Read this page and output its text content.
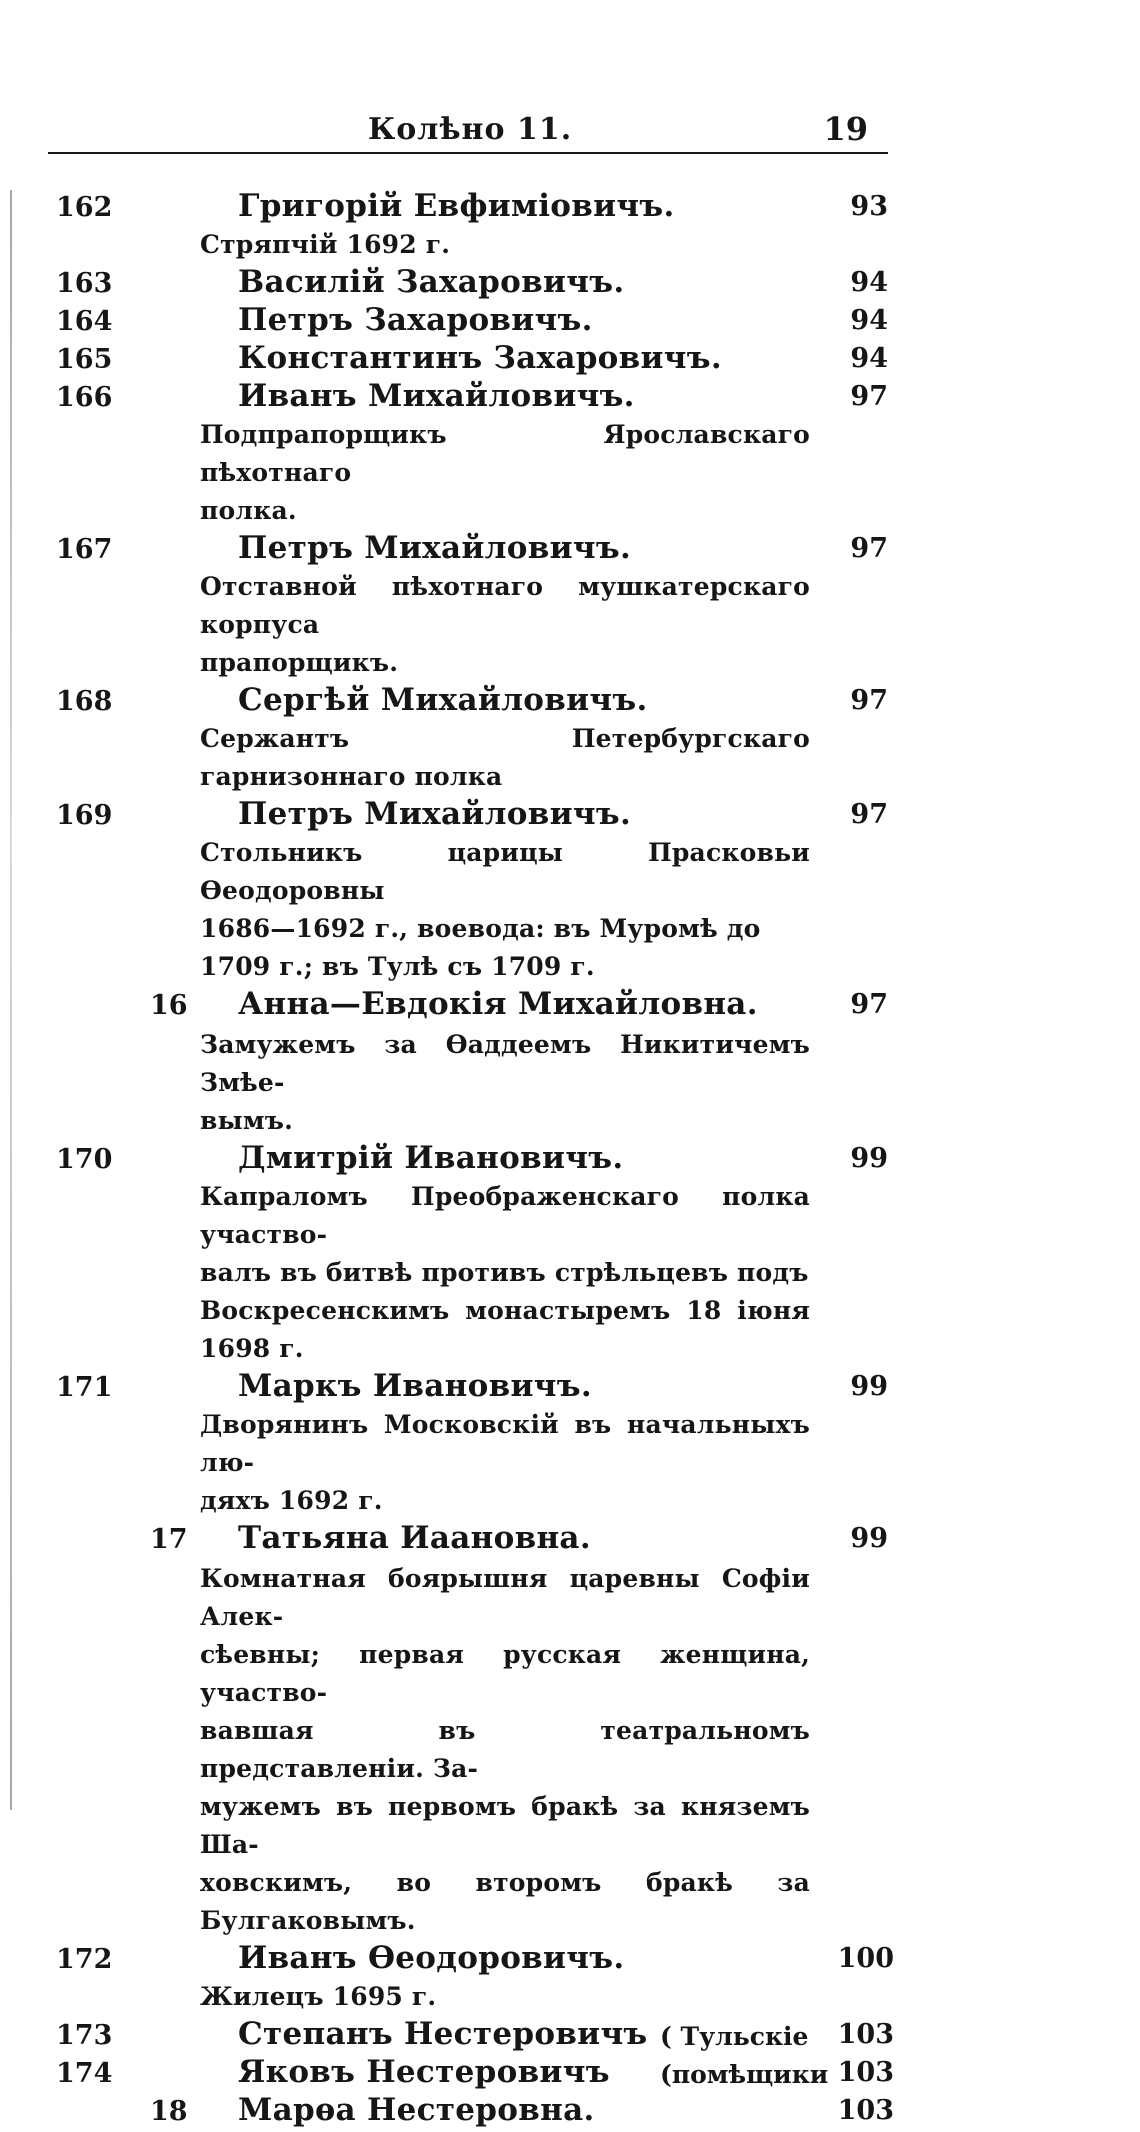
Колѣно 11.	19
162	Григорій Евфиміовичъ.	93

Стряпчій 1692 г.

163	Василій Захаровичъ.	94
164	Петръ Захаровичъ.	94
165	Константинъ Захаровичъ.	94
166	Иванъ Михайловичъ.	97

Подпрапорщикъ Ярославскаго пѣхотнаго
полка.

167	Петръ Михайловичъ.	97

Отставной пѣхотнаго мушкатерскаго корпуса
прапорщикъ.

168	Сергѣй Михайловичъ.	97

Сержантъ Петербургскаго гарнизоннаго полка

169	Петръ Михайловичъ.	97

Стольникъ царицы Прасковьи Ѳеодоровны
1686—1692 г., воевода: въ Муромѣ до
1709 г.; въ Тулѣ съ 1709 г.

16 Анна—Евдокія Михайловна.	97

Замужемъ за Ѳаддеемъ Никитичемъ Змѣе-
вымъ.

170	Дмитрій Ивановичъ.	99

Капраломъ Преображенскаго полка участво-
валъ въ битвѣ противъ стрѣльцевъ подъ
Воскресенскимъ монастыремъ 18 іюня 1698 г.

171	Маркъ Ивановичъ.	99

Дворянинъ Московскій въ начальныхъ лю-
дяхъ 1692 г.

17 Татьяна Иаановна.	99

Комнатная боярышня царевны Софіи Алек-
сѣевны; первая русская женщина, участво-
вавшая въ театральномъ представленіи. За-
мужемъ въ первомъ бракѣ за княземъ Ша-
ховскимъ, во второмъ бракѣ за Булгаковымъ.

172	Иванъ Ѳеодоровичъ.	100

Жилецъ 1695 г.

173	Степанъ Нестеровичъ ( Тульскіе 103
174	Яковъ Нестеровичъ (помѣщики 103
18 Марѳа Нестеровна.	103
